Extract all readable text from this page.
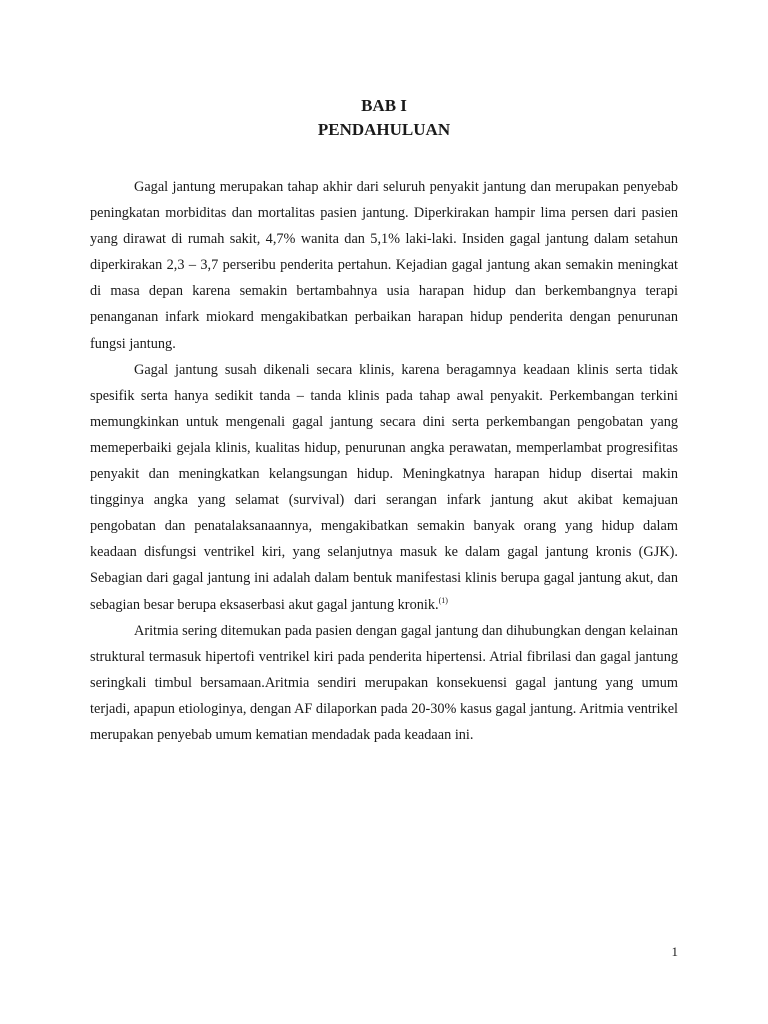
BAB I
PENDAHULUAN

Gagal jantung merupakan tahap akhir dari seluruh penyakit jantung dan merupakan penyebab peningkatan morbiditas dan mortalitas pasien jantung. Diperkirakan hampir lima persen dari pasien yang dirawat di rumah sakit, 4,7% wanita dan 5,1% laki-laki. Insiden gagal jantung dalam setahun diperkirakan 2,3 – 3,7 perseribu penderita pertahun. Kejadian gagal jantung akan semakin meningkat di masa depan karena semakin bertambahnya usia harapan hidup dan berkembangnya terapi penanganan infark miokard mengakibatkan perbaikan harapan hidup penderita dengan penurunan fungsi jantung.

Gagal jantung susah dikenali secara klinis, karena beragamnya keadaan klinis serta tidak spesifik serta hanya sedikit tanda – tanda klinis pada tahap awal penyakit. Perkembangan terkini memungkinkan untuk mengenali gagal jantung secara dini serta perkembangan pengobatan yang memeperbaiki gejala klinis, kualitas hidup, penurunan angka perawatan, memperlambat progresifitas penyakit dan meningkatkan kelangsungan hidup. Meningkatnya harapan hidup disertai makin tingginya angka yang selamat (survival) dari serangan infark jantung akut akibat kemajuan pengobatan dan penatalaksanaannya, mengakibatkan semakin banyak orang yang hidup dalam keadaan disfungsi ventrikel kiri, yang selanjutnya masuk ke dalam gagal jantung kronis (GJK). Sebagian dari gagal jantung ini adalah dalam bentuk manifestasi klinis berupa gagal jantung akut, dan sebagian besar berupa eksaserbasi akut gagal jantung kronik.$^{(1)}$

Aritmia sering ditemukan pada pasien dengan gagal jantung dan dihubungkan dengan kelainan struktural termasuk hipertofi ventrikel kiri pada penderita hipertensi. Atrial fibrilasi dan gagal jantung seringkali timbul bersamaan.Aritmia sendiri merupakan konsekuensi gagal jantung yang umum terjadi, apapun etiologinya, dengan AF dilaporkan pada 20-30% kasus gagal jantung. Aritmia ventrikel merupakan penyebab umum kematian mendadak pada keadaan ini.

1
